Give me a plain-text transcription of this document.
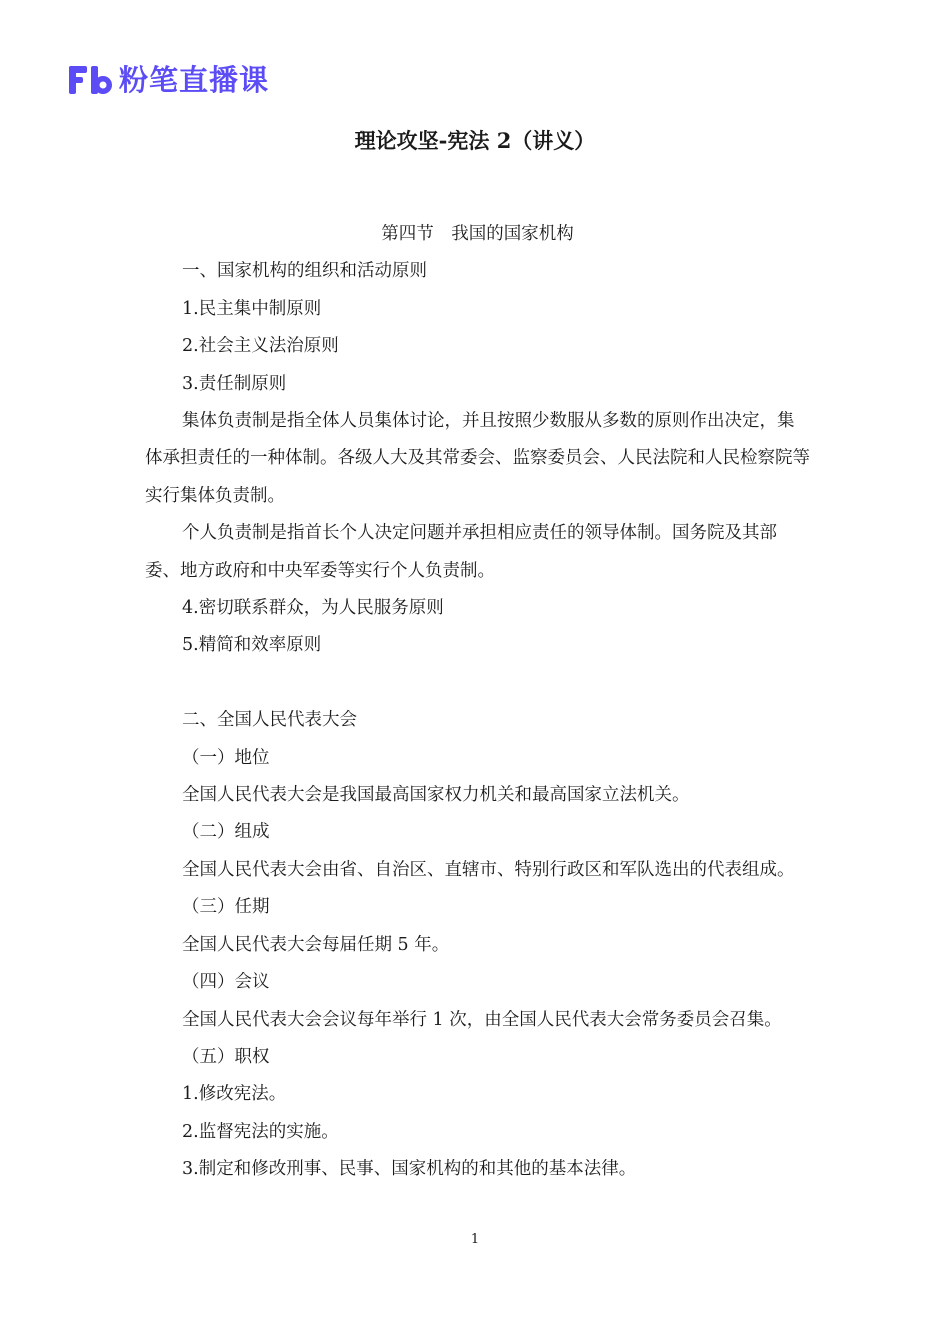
粉笔直播课
理论攻坚-宪法 2（讲义）

第四节　我国的国家机构

一、国家机构的组织和活动原则

1.民主集中制原则

2.社会主义法治原则

3.责任制原则

集体负责制是指全体人员集体讨论，并且按照少数服从多数的原则作出决定，集体承担责任的一种体制。各级人大及其常委会、监察委员会、人民法院和人民检察院等实行集体负责制。

个人负责制是指首长个人决定问题并承担相应责任的领导体制。国务院及其部委、地方政府和中央军委等实行个人负责制。

4.密切联系群众，为人民服务原则

5.精简和效率原则

二、全国人民代表大会

（一）地位

全国人民代表大会是我国最高国家权力机关和最高国家立法机关。

（二）组成

全国人民代表大会由省、自治区、直辖市、特别行政区和军队选出的代表组成。

（三）任期

全国人民代表大会每届任期 5 年。

（四）会议

全国人民代表大会会议每年举行 1 次，由全国人民代表大会常务委员会召集。

（五）职权

1.修改宪法。

2.监督宪法的实施。

3.制定和修改刑事、民事、国家机构的和其他的基本法律。

1
